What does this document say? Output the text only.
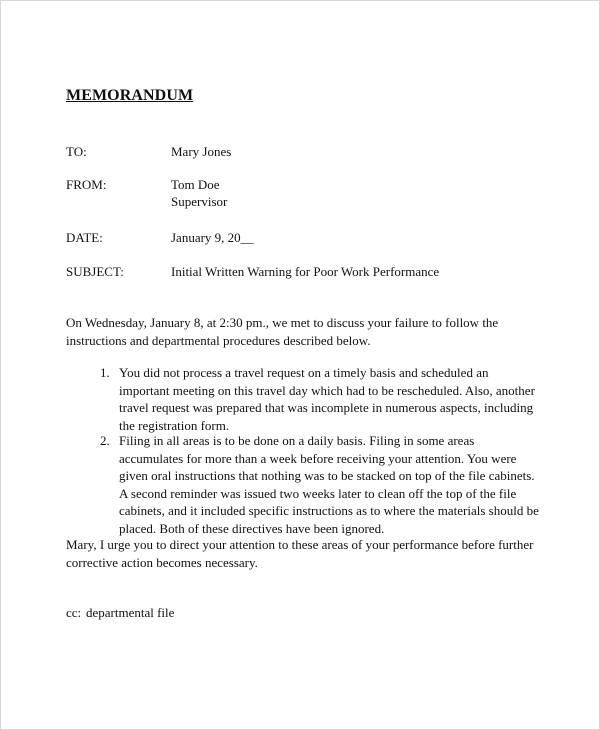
MEMORANDUM
TO:	Mary Jones
FROM:	Tom Doe
Supervisor
DATE:	January 9, 20__
SUBJECT:	Initial Written Warning for Poor Work Performance
On Wednesday, January 8, at 2:30 pm., we met to discuss your failure to follow the instructions and departmental procedures described below.
1. You did not process a travel request on a timely basis and scheduled an important meeting on this travel day which had to be rescheduled. Also, another travel request was prepared that was incomplete in numerous aspects, including the registration form.
2. Filing in all areas is to be done on a daily basis. Filing in some areas accumulates for more than a week before receiving your attention. You were given oral instructions that nothing was to be stacked on top of the file cabinets. A second reminder was issued two weeks later to clean off the top of the file cabinets, and it included specific instructions as to where the materials should be placed. Both of these directives have been ignored.
Mary, I urge you to direct your attention to these areas of your performance before further corrective action becomes necessary.
cc: departmental file
